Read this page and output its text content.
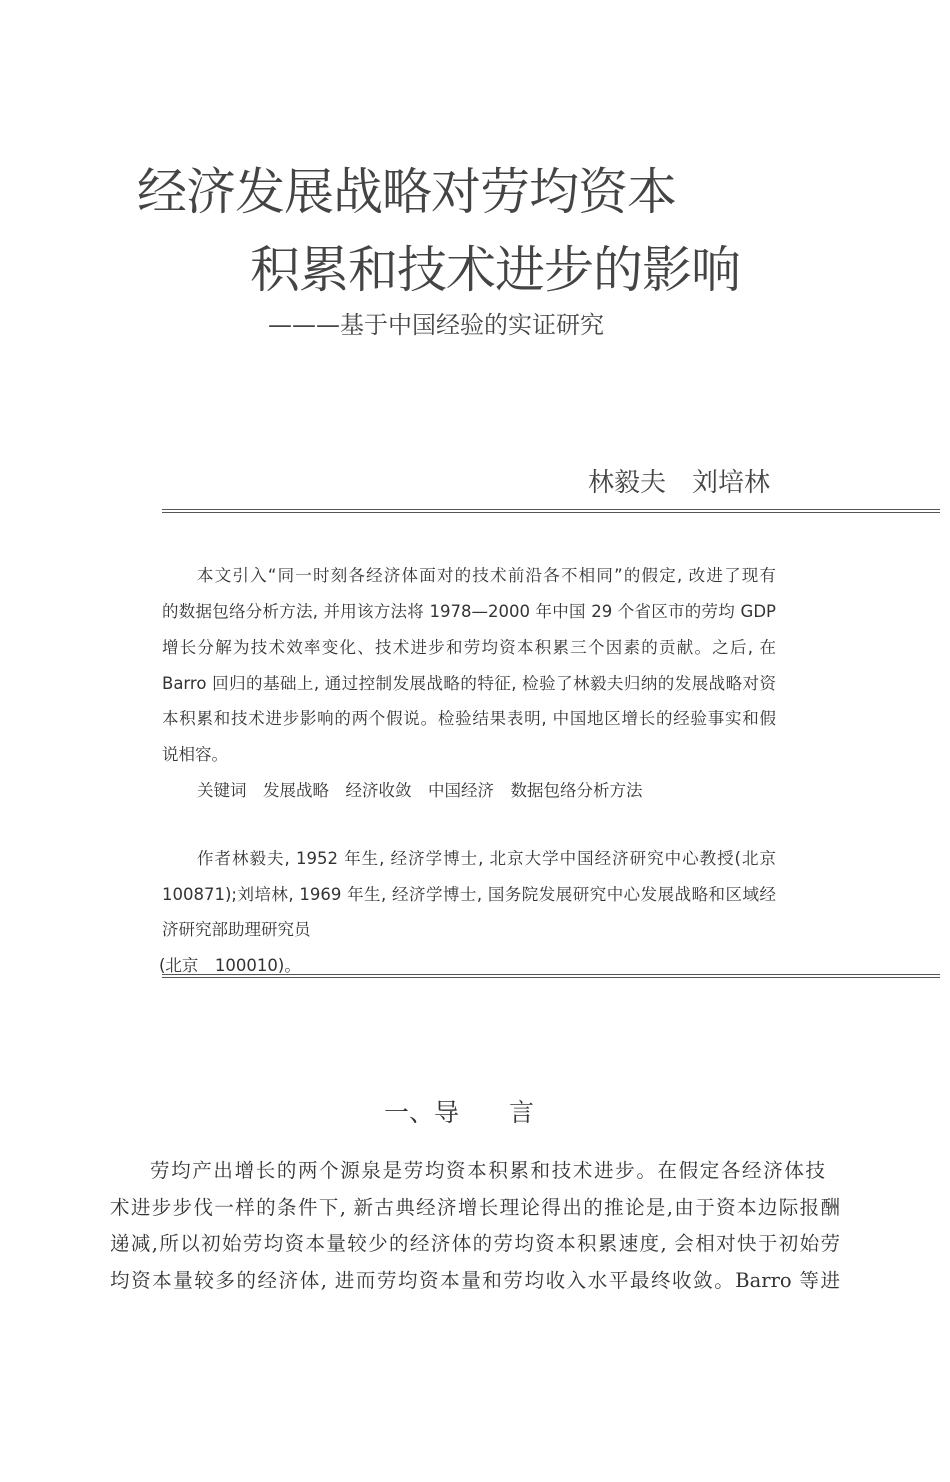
经济发展战略对劳均资本
积累和技术进步的影响
———基于中国经验的实证研究
林毅夫　刘培林
本文引入“同一时刻各经济体面对的技术前沿各不相同”的假定, 改进了现有
的数据包络分析方法, 并用该方法将 1978—2000 年中国 29 个省区市的劳均 GDP
增长分解为技术效率变化、技术进步和劳均资本积累三个因素的贡献。之后, 在
Barro 回归的基础上, 通过控制发展战略的特征, 检验了林毅夫归纳的发展战略对资
本积累和技术进步影响的两个假说。检验结果表明, 中国地区增长的经验事实和假
说相容。
关键词　发展战略　经济收敛　中国经济　数据包络分析方法
作者林毅夫, 1952 年生, 经济学博士, 北京大学中国经济研究中心教授(北京
100871);刘培林, 1969 年生, 经济学博士, 国务院发展研究中心发展战略和区域经
济研究部助理研究员
(北京　100010)。
一、导　　言
劳均产出增长的两个源泉是劳均资本积累和技术进步。在假定各经济体技
术进步步伐一样的条件下, 新古典经济增长理论得出的推论是,由于资本边际报酬
递减,所以初始劳均资本量较少的经济体的劳均资本积累速度, 会相对快于初始劳
均资本量较多的经济体, 进而劳均资本量和劳均收入水平最终收敛。Barro 等进
